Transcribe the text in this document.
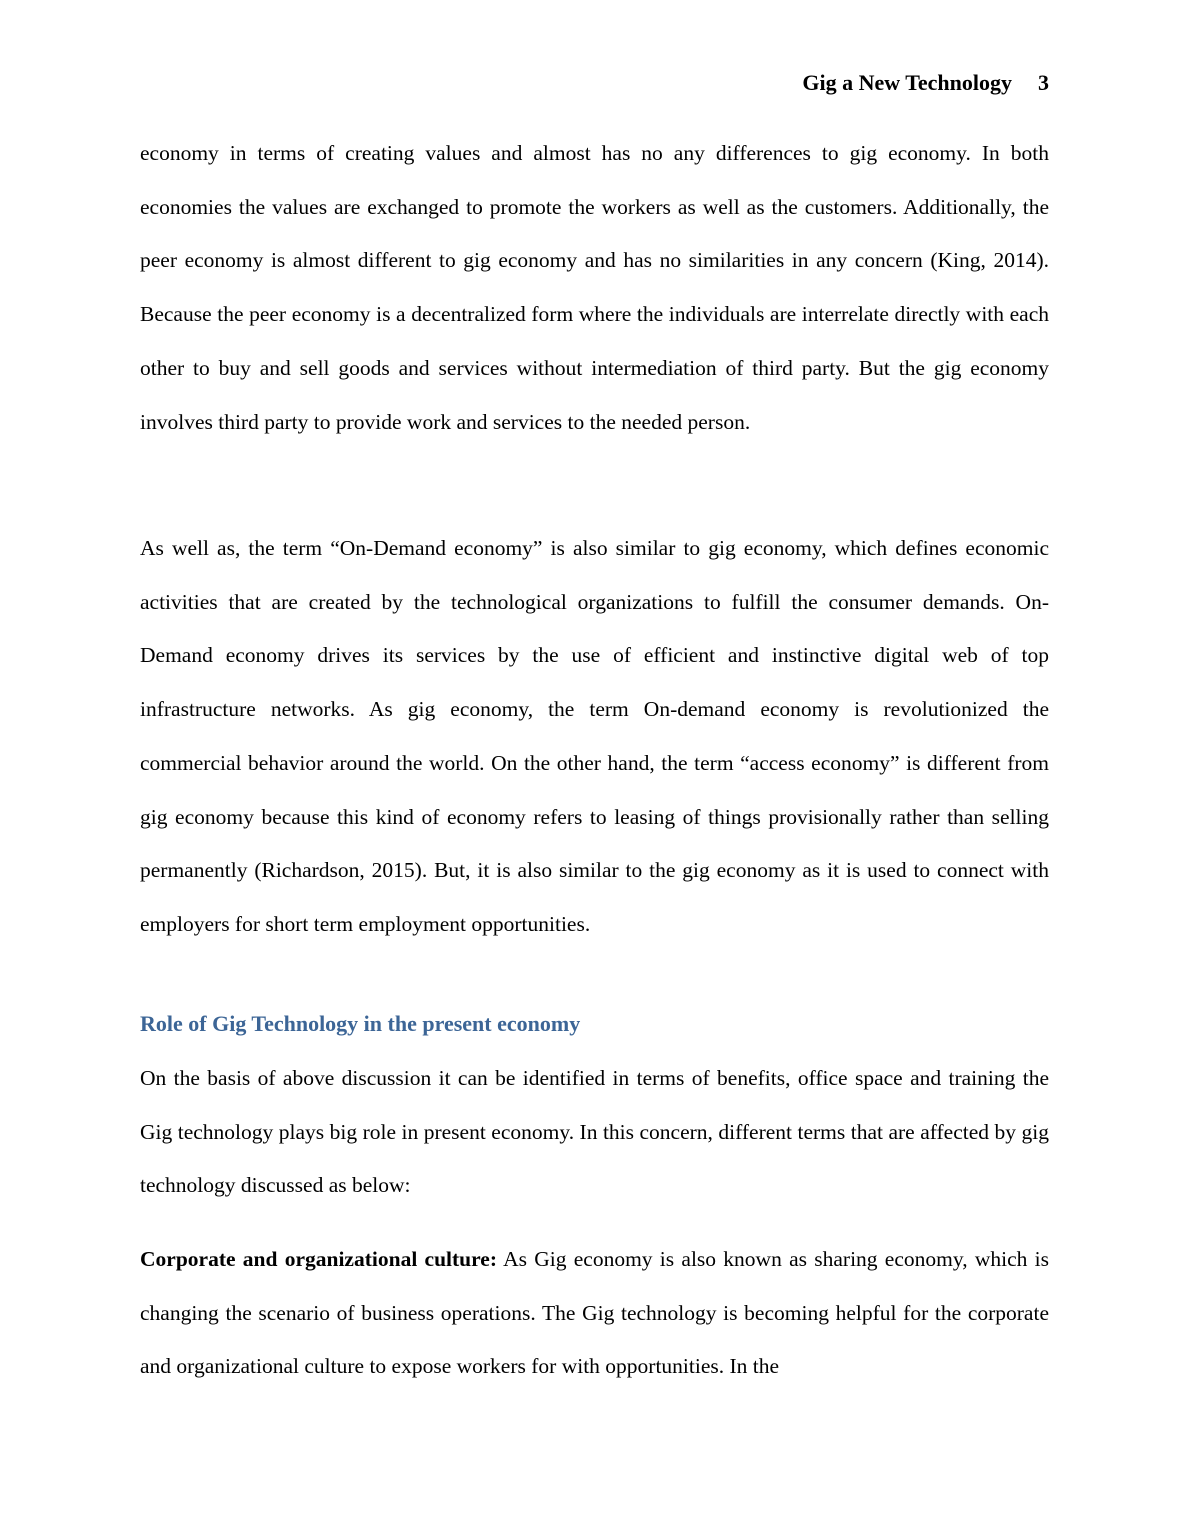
Gig a New Technology 3

economy in terms of creating values and almost has no any differences to gig economy. In both economies the values are exchanged to promote the workers as well as the customers. Additionally, the peer economy is almost different to gig economy and has no similarities in any concern (King, 2014). Because the peer economy is a decentralized form where the individuals are interrelate directly with each other to buy and sell goods and services without intermediation of third party. But the gig economy involves third party to provide work and services to the needed person.

As well as, the term “On-Demand economy” is also similar to gig economy, which defines economic activities that are created by the technological organizations to fulfill the consumer demands. On-Demand economy drives its services by the use of efficient and instinctive digital web of top infrastructure networks. As gig economy, the term On-demand economy is revolutionized the commercial behavior around the world. On the other hand, the term “access economy” is different from gig economy because this kind of economy refers to leasing of things provisionally rather than selling permanently (Richardson, 2015). But, it is also similar to the gig economy as it is used to connect with employers for short term employment opportunities.

Role of Gig Technology in the present economy

On the basis of above discussion it can be identified in terms of benefits, office space and training the Gig technology plays big role in present economy. In this concern, different terms that are affected by gig technology discussed as below:

Corporate and organizational culture: As Gig economy is also known as sharing economy, which is changing the scenario of business operations. The Gig technology is becoming helpful for the corporate and organizational culture to expose workers for with opportunities. In the
